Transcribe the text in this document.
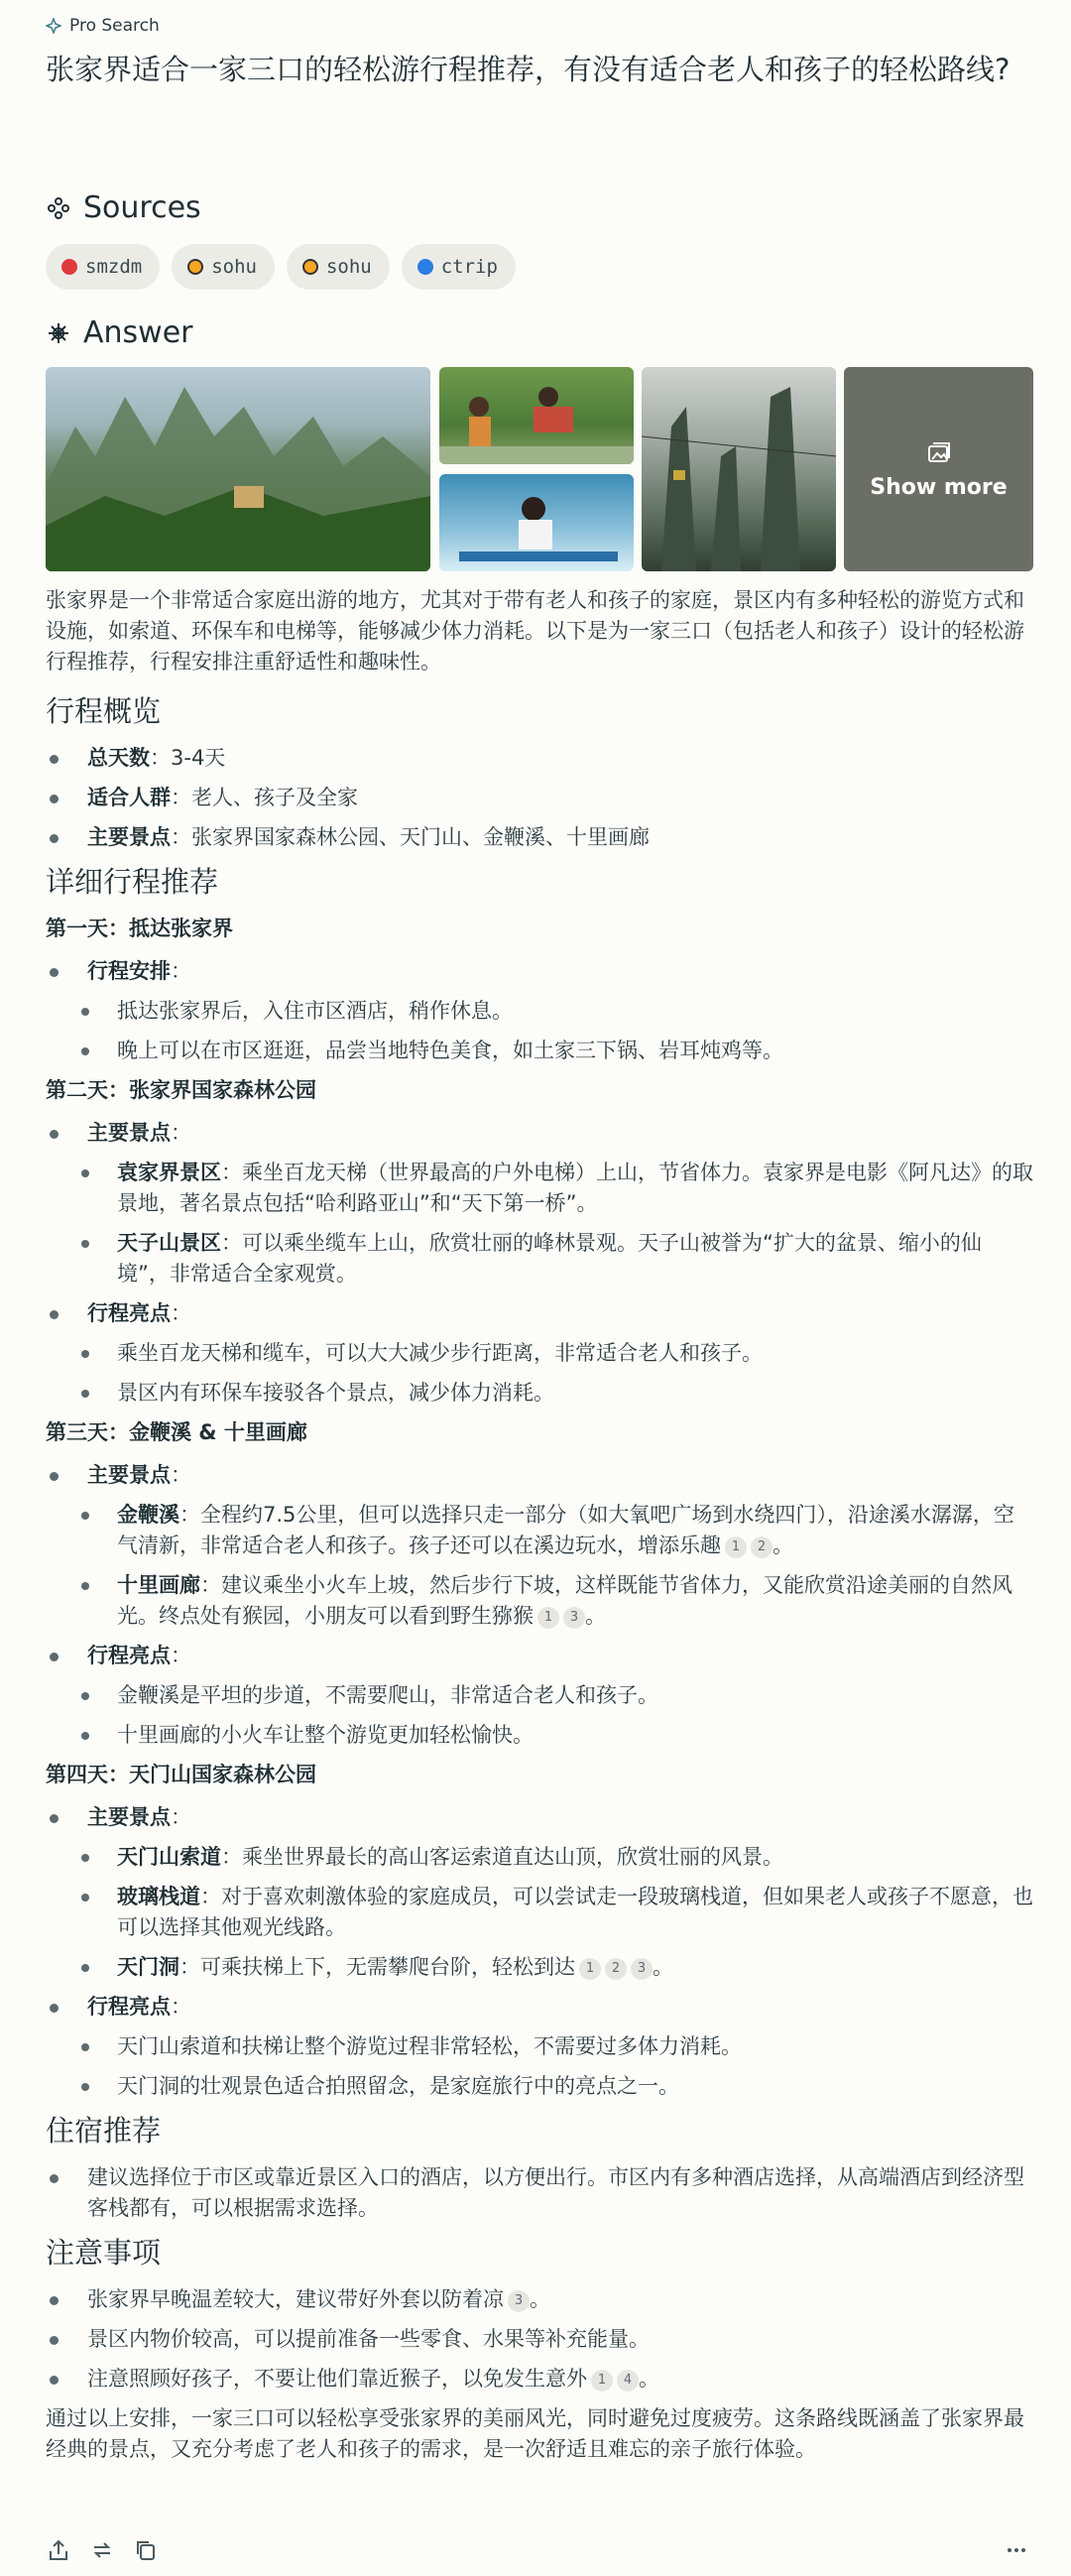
Pro Search
张家界适合一家三口的轻松游行程推荐，有没有适合老人和孩子的轻松路线?
Sources
smzdm	sohu	sohu	ctrip
Answer
Show more
张家界是一个非常适合家庭出游的地方，尤其对于带有老人和孩子的家庭，景区内有多种轻松的游览方式和设施，如索道、环保车和电梯等，能够减少体力消耗。以下是为一家三口（包括老人和孩子）设计的轻松游行程推荐，行程安排注重舒适性和趣味性。
行程概览
总天数：3-4天
适合人群：老人、孩子及全家
主要景点：张家界国家森林公园、天门山、金鞭溪、十里画廊
详细行程推荐
第一天：抵达张家界
行程安排：
抵达张家界后，入住市区酒店，稍作休息。
晚上可以在市区逛逛，品尝当地特色美食，如土家三下锅、岩耳炖鸡等。
第二天：张家界国家森林公园
主要景点：
袁家界景区：乘坐百龙天梯（世界最高的户外电梯）上山，节省体力。袁家界是电影《阿凡达》的取景地，著名景点包括“哈利路亚山”和“天下第一桥”。
天子山景区：可以乘坐缆车上山，欣赏壮丽的峰林景观。天子山被誉为“扩大的盆景、缩小的仙境”，非常适合全家观赏。
行程亮点：
乘坐百龙天梯和缆车，可以大大减少步行距离，非常适合老人和孩子。
景区内有环保车接驳各个景点，减少体力消耗。
第三天：金鞭溪 & 十里画廊
主要景点：
金鞭溪：全程约7.5公里，但可以选择只走一部分（如大氧吧广场到水绕四门），沿途溪水潺潺，空气清新，非常适合老人和孩子。孩子还可以在溪边玩水，增添乐趣 1 2 。
十里画廊：建议乘坐小火车上坡，然后步行下坡，这样既能节省体力，又能欣赏沿途美丽的自然风光。终点处有猴园，小朋友可以看到野生猕猴 1 3 。
行程亮点：
金鞭溪是平坦的步道，不需要爬山，非常适合老人和孩子。
十里画廊的小火车让整个游览更加轻松愉快。
第四天：天门山国家森林公园
主要景点：
天门山索道：乘坐世界最长的高山客运索道直达山顶，欣赏壮丽的风景。
玻璃栈道：对于喜欢刺激体验的家庭成员，可以尝试走一段玻璃栈道，但如果老人或孩子不愿意，也可以选择其他观光线路。
天门洞：可乘扶梯上下，无需攀爬台阶，轻松到达 1 2 3 。
行程亮点：
天门山索道和扶梯让整个游览过程非常轻松，不需要过多体力消耗。
天门洞的壮观景色适合拍照留念，是家庭旅行中的亮点之一。
住宿推荐
建议选择位于市区或靠近景区入口的酒店，以方便出行。市区内有多种酒店选择，从高端酒店到经济型客栈都有，可以根据需求选择。
注意事项
张家界早晚温差较大，建议带好外套以防着凉 3 。
景区内物价较高，可以提前准备一些零食、水果等补充能量。
注意照顾好孩子，不要让他们靠近猴子，以免发生意外 1 4 。
通过以上安排，一家三口可以轻松享受张家界的美丽风光，同时避免过度疲劳。这条路线既涵盖了张家界最经典的景点，又充分考虑了老人和孩子的需求，是一次舒适且难忘的亲子旅行体验。
